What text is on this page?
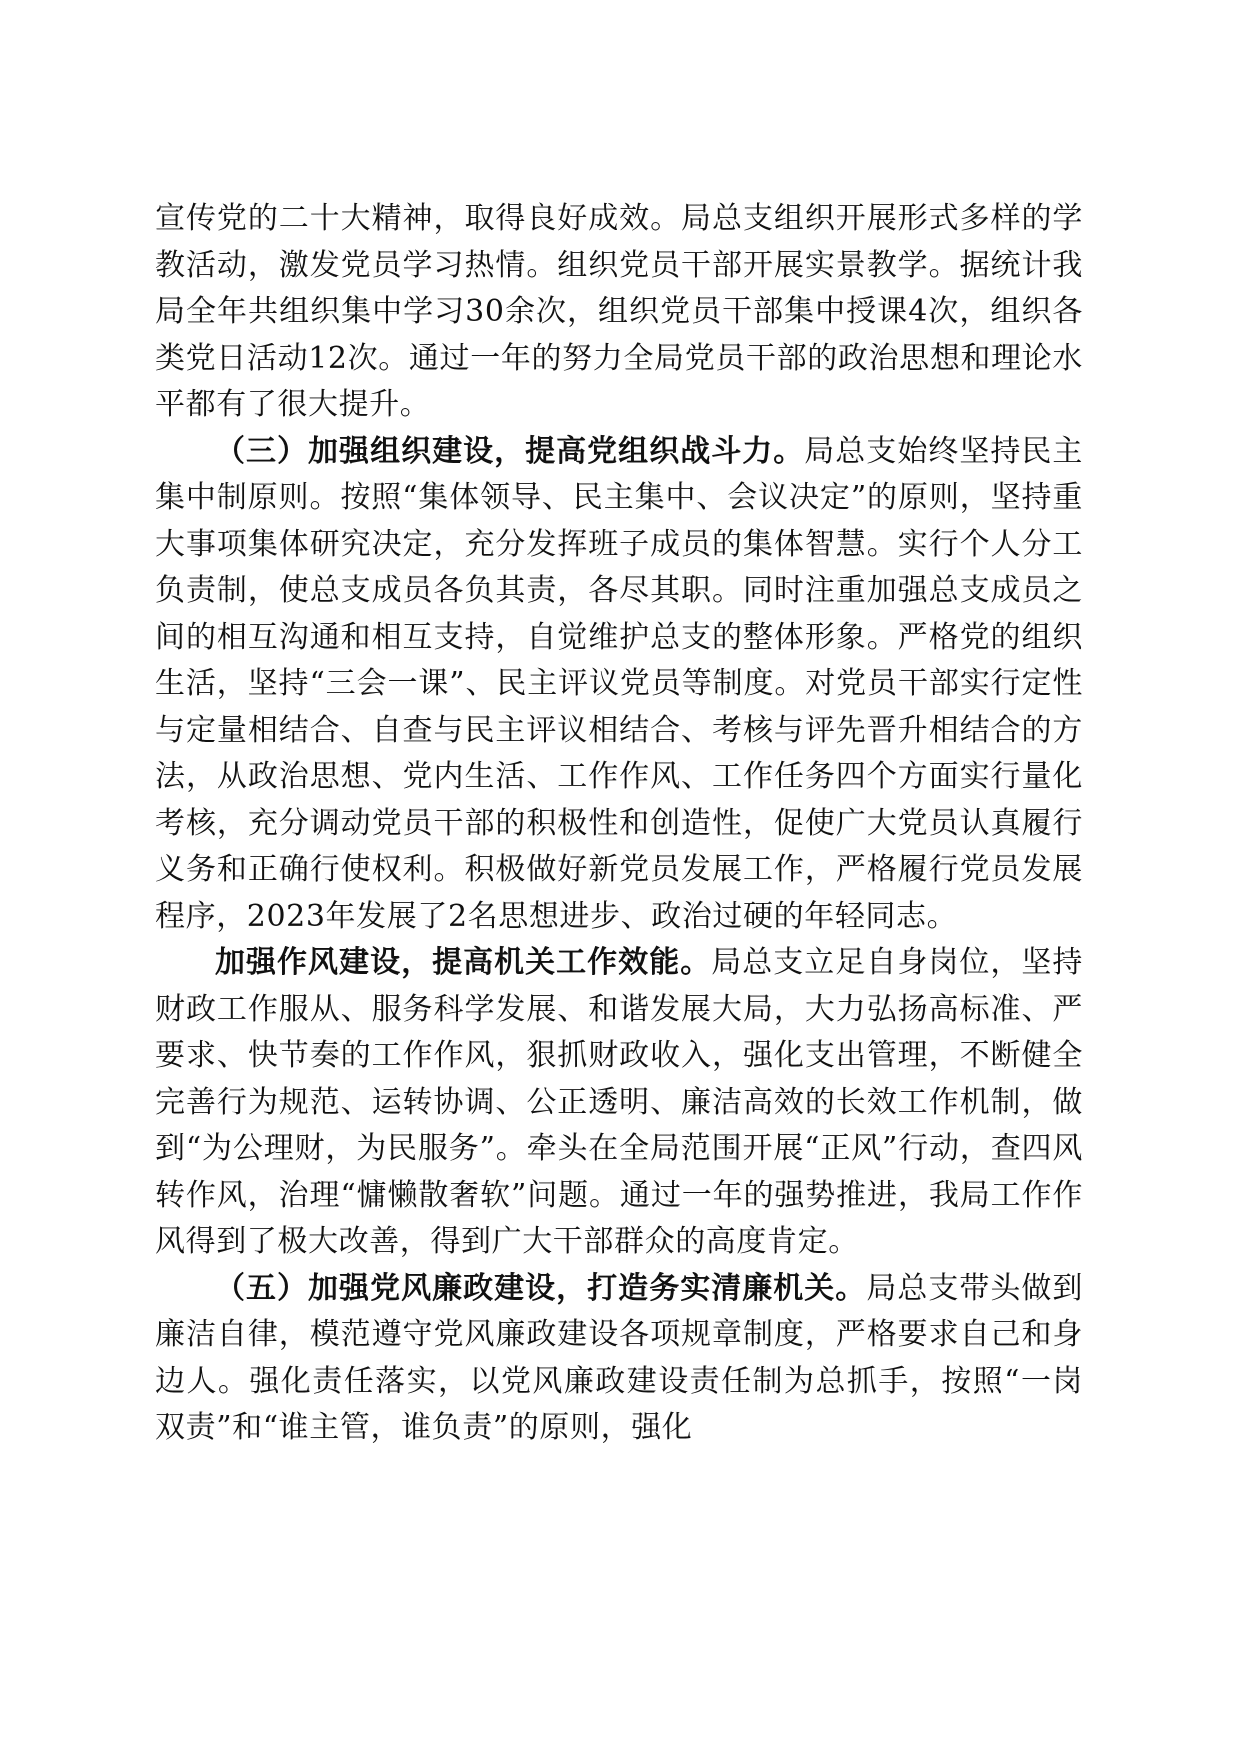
宣传党的二十大精神，取得良好成效。局总支组织开展形式多样的学教活动，激发党员学习热情。组织党员干部开展实景教学。据统计我局全年共组织集中学习30余次，组织党员干部集中授课4次，组织各类党日活动12次。通过一年的努力全局党员干部的政治思想和理论水平都有了很大提升。

（三）加强组织建设，提高党组织战斗力。局总支始终坚持民主集中制原则。按照“集体领导、民主集中、会议决定”的原则，坚持重大事项集体研究决定，充分发挥班子成员的集体智慧。实行个人分工负责制，使总支成员各负其责，各尽其职。同时注重加强总支成员之间的相互沟通和相互支持，自觉维护总支的整体形象。严格党的组织生活，坚持“三会一课”、民主评议党员等制度。对党员干部实行定性与定量相结合、自查与民主评议相结合、考核与评先晋升相结合的方法，从政治思想、党内生活、工作作风、工作任务四个方面实行量化考核，充分调动党员干部的积极性和创造性，促使广大党员认真履行义务和正确行使权利。积极做好新党员发展工作，严格履行党员发展程序，2023年发展了2名思想进步、政治过硬的年轻同志。

加强作风建设，提高机关工作效能。局总支立足自身岗位，坚持财政工作服从、服务科学发展、和谐发展大局，大力弘扬高标准、严要求、快节奏的工作作风，狠抓财政收入，强化支出管理，不断健全完善行为规范、运转协调、公正透明、廉洁高效的长效工作机制，做到“为公理财，为民服务”。牵头在全局范围开展“正风”行动，查四风转作风，治理“慵懒散奢软”问题。通过一年的强势推进，我局工作作风得到了极大改善，得到广大干部群众的高度肯定。

（五）加强党风廉政建设，打造务实清廉机关。局总支带头做到廉洁自律，模范遵守党风廉政建设各项规章制度，严格要求自己和身边人。强化责任落实，以党风廉政建设责任制为总抓手，按照“一岗双责”和“谁主管，谁负责”的原则，强化
